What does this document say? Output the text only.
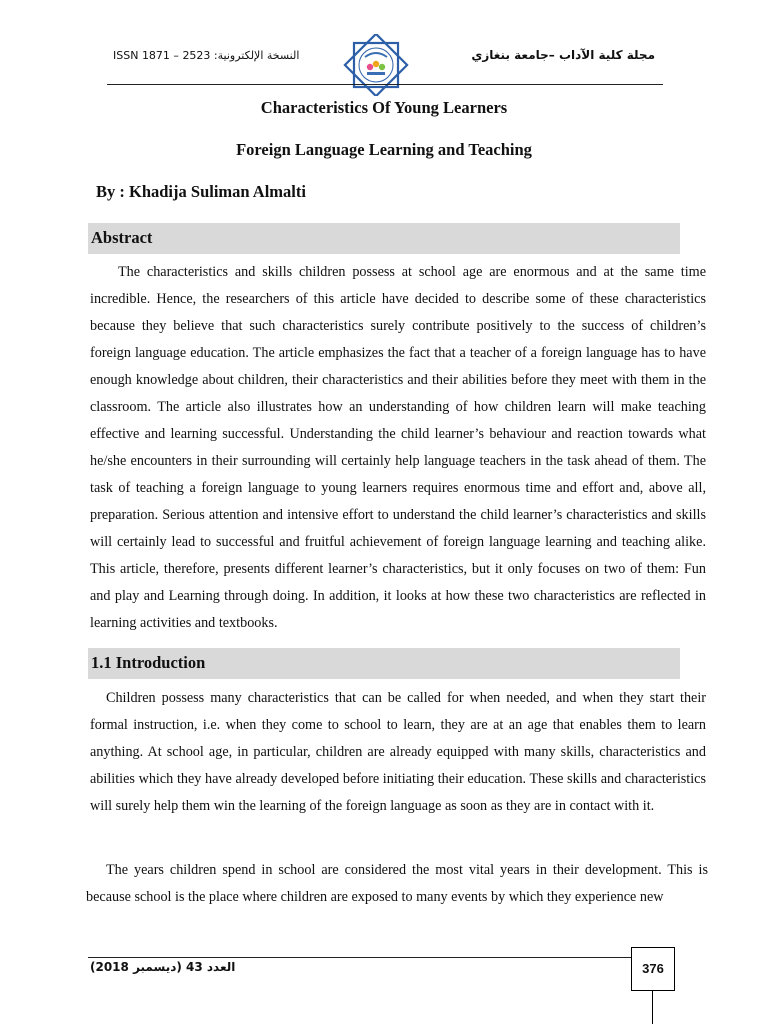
ISSN النسخة الإلكترونية: 2523 – 1871	مجلة كلية الآداب –جامعة بنغازي
Characteristics Of Young Learners
Foreign Language Learning and Teaching
By : Khadija Suliman Almalti
Abstract
The characteristics and skills children possess at school age are enormous and at the same time incredible. Hence, the researchers of this article have decided to describe some of these characteristics because they believe that such characteristics surely contribute positively to the success of children’s foreign language education. The article emphasizes the fact that a teacher of a foreign language has to have enough knowledge about children, their characteristics and their abilities before they meet with them in the classroom. The article also illustrates how an understanding of how children learn will make teaching effective and learning successful. Understanding the child learner’s behaviour and reaction towards what he/she encounters in their surrounding will certainly help language teachers in the task ahead of them. The task of teaching a foreign language to young learners requires enormous time and effort and, above all, preparation. Serious attention and intensive effort to understand the child learner’s characteristics and skills will certainly lead to successful and fruitful achievement of foreign language learning and teaching alike. This article, therefore, presents different learner’s characteristics, but it only focuses on two of them: Fun and play and Learning through doing. In addition, it looks at how these two characteristics are reflected in learning activities and textbooks.
1.1 Introduction
Children possess many characteristics that can be called for when needed, and when they start their formal instruction, i.e. when they come to school to learn, they are at an age that enables them to learn anything. At school age, in particular, children are already equipped with many skills, characteristics and abilities which they have already developed before initiating their education. These skills and characteristics will surely help them win the learning of the foreign language as soon as they are in contact with it.
The years children spend in school are considered the most vital years in their development. This is because school is the place where children are exposed to many events by which they experience new
العدد 43 (ديسمبر 2018)	376
